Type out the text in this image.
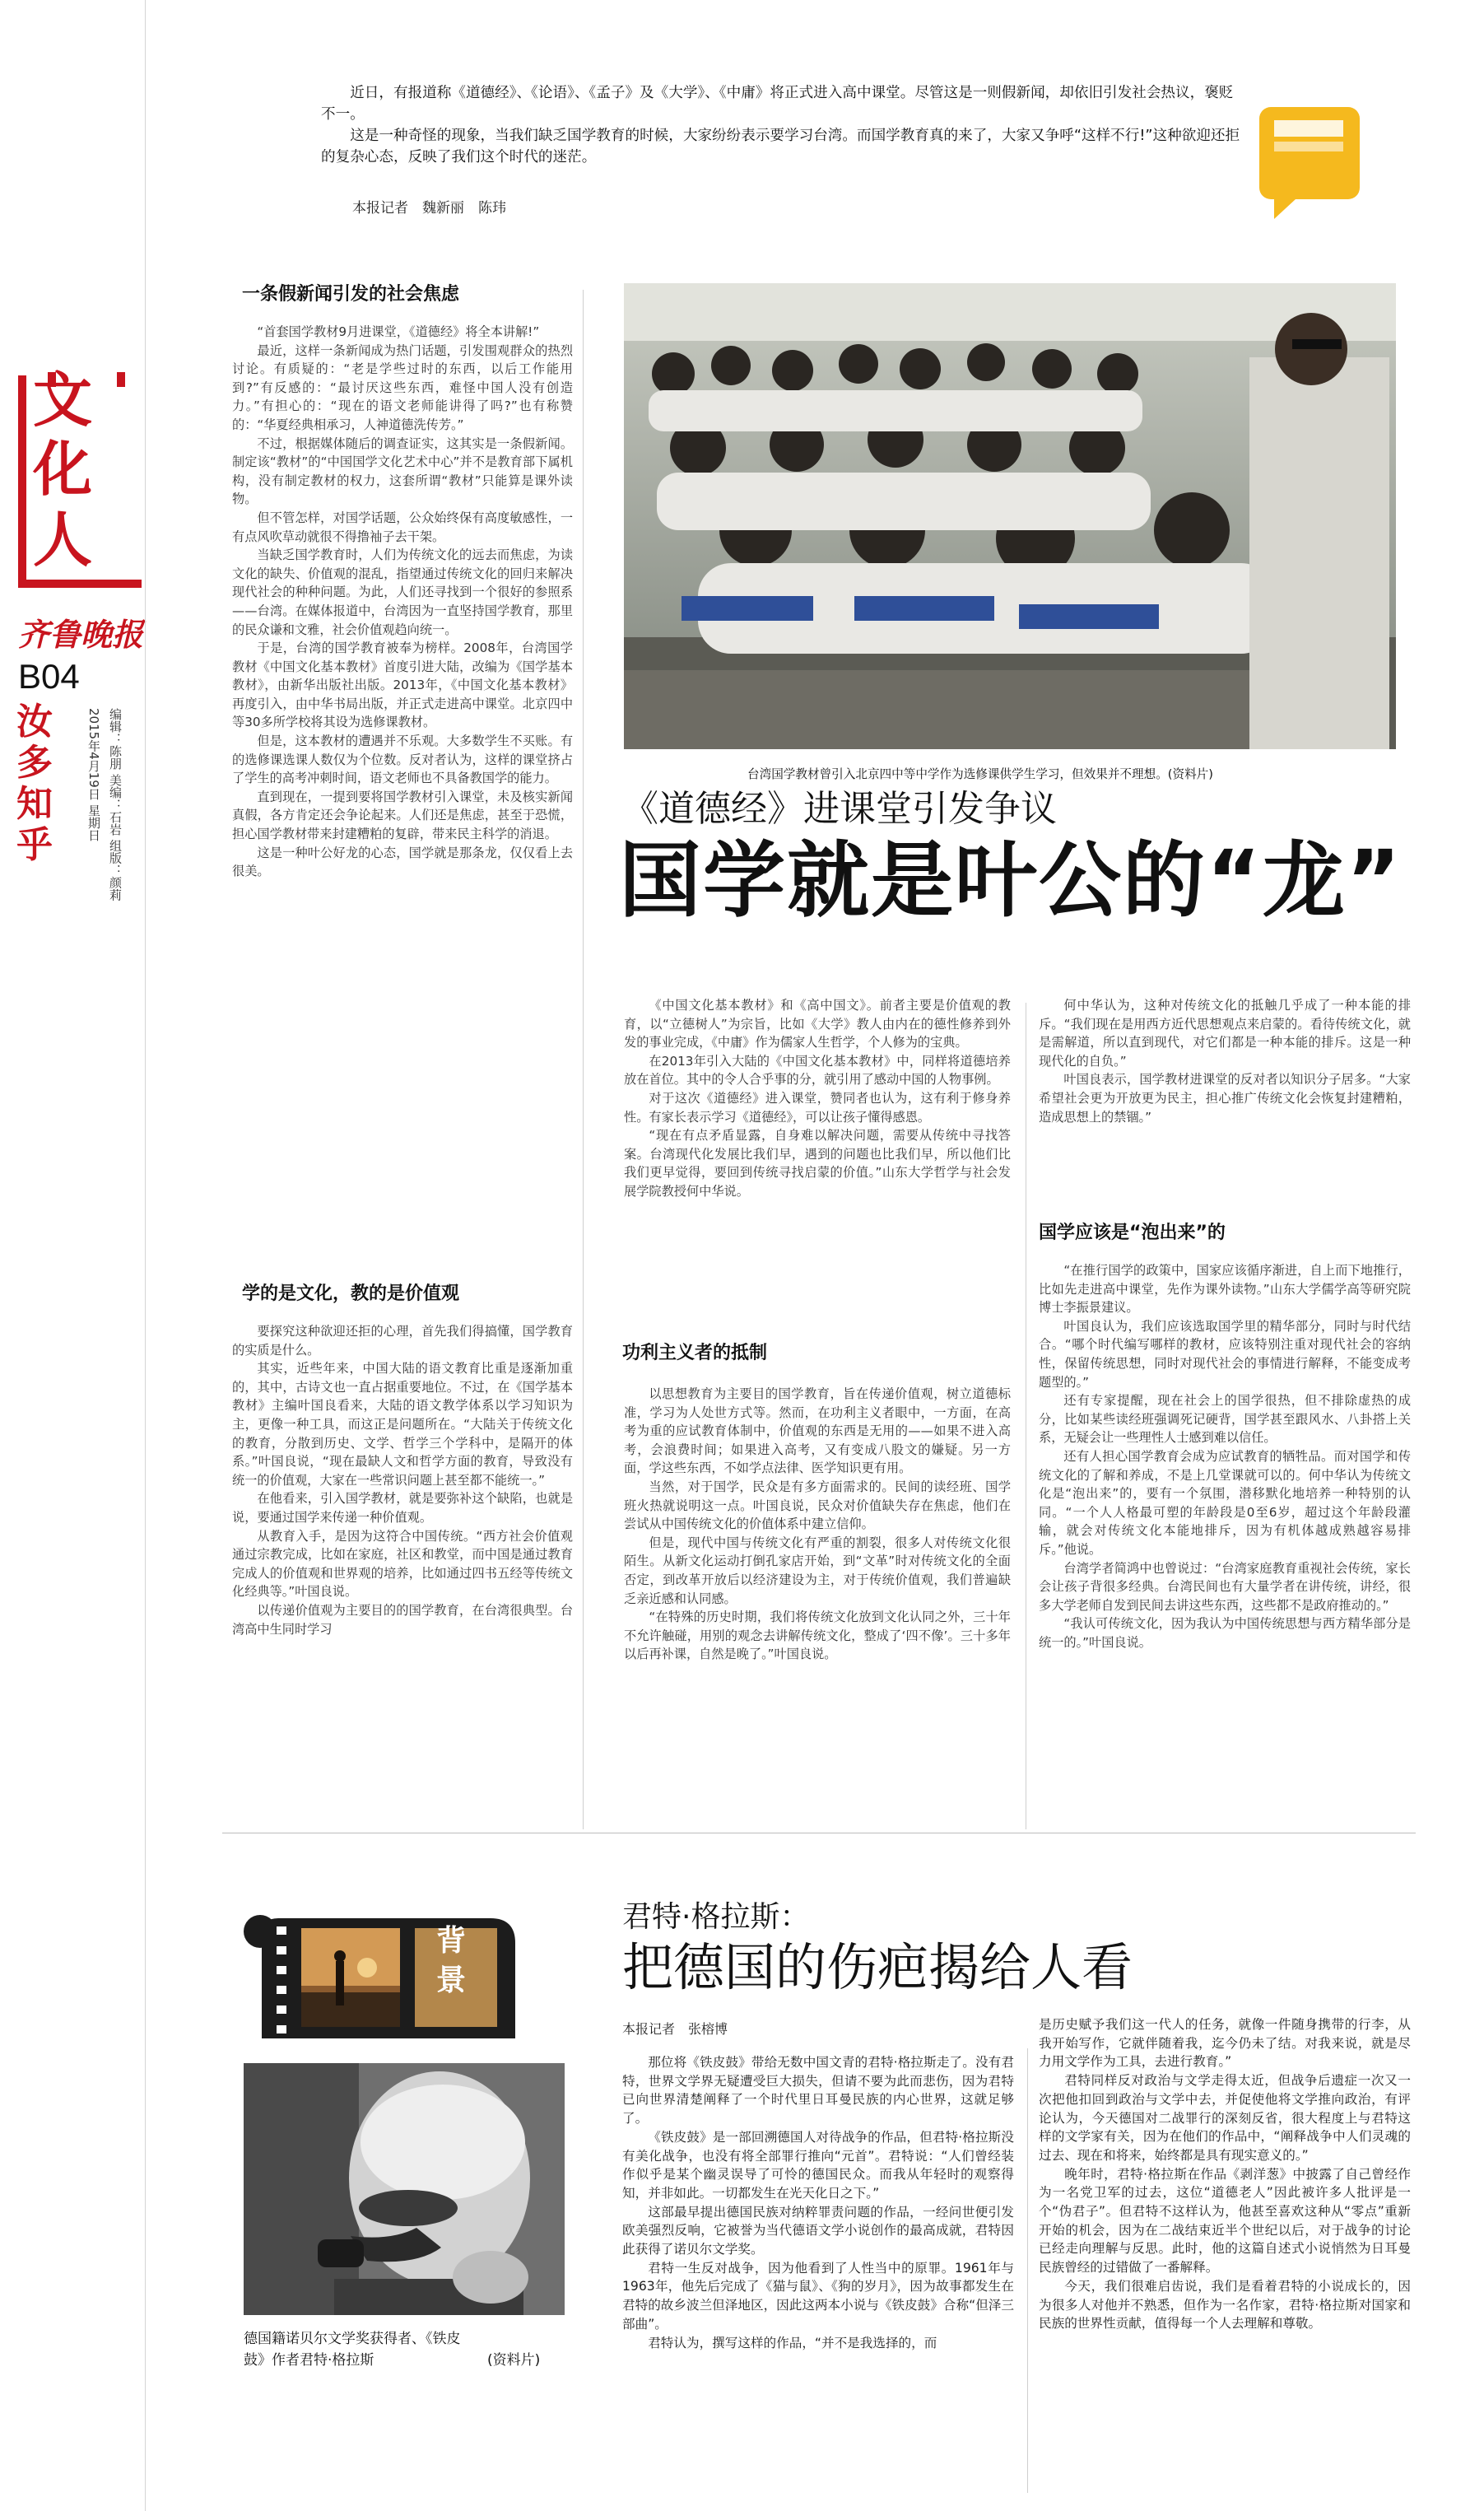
文
化
人
齐鲁晚报
B04
汝多知乎
2015年4月19日 星期日 编辑：陈朋 美编：石岩 组版：颜莉

近日，有报道称《道德经》、《论语》、《孟子》及《大学》、《中庸》将正式进入高中课堂。尽管这是一则假新闻，却依旧引发社会热议，褒贬不一。

这是一种奇怪的现象，当我们缺乏国学教育的时候，大家纷纷表示要学习台湾。而国学教育真的来了，大家又争呼“这样不行!”这种欲迎还拒的复杂心态，反映了我们这个时代的迷茫。

本报记者　魏新丽　陈玮
一条假新闻引发的社会焦虑

“首套国学教材9月进课堂，《道德经》将全本讲解!”

最近，这样一条新闻成为热门话题，引发围观群众的热烈讨论。有质疑的：“老是学些过时的东西，以后工作能用到?”有反感的：“最讨厌这些东西，难怪中国人没有创造力。”有担心的：“现在的语文老师能讲得了吗?”也有称赞的：“华夏经典相承习，人神道德洗传芳。”

不过，根据媒体随后的调查证实，这其实是一条假新闻。制定该“教材”的“中国国学文化艺术中心”并不是教育部下属机构，没有制定教材的权力，这套所谓“教材”只能算是课外读物。

但不管怎样，对国学话题，公众始终保有高度敏感性，一有点风吹草动就很不得撸袖子去干架。

当缺乏国学教育时，人们为传统文化的远去而焦虑，为读文化的缺失、价值观的混乱，指望通过传统文化的回归来解决现代社会的种种问题。为此，人们还寻找到一个很好的参照系——台湾。在媒体报道中，台湾因为一直坚持国学教育，那里的民众谦和文雅，社会价值观趋向统一。

于是，台湾的国学教育被奉为榜样。2008年，台湾国学教材《中国文化基本教材》首度引进大陆，改编为《国学基本教材》，由新华出版社出版。2013年，《中国文化基本教材》再度引入，由中华书局出版，并正式走进高中课堂。北京四中等30多所学校将其设为选修课教材。

但是，这本教材的遭遇并不乐观。大多数学生不买账。有的选修课选课人数仅为个位数。反对者认为，这样的课堂挤占了学生的高考冲刺时间，语文老师也不具备教国学的能力。

直到现在，一提到要将国学教材引入课堂，未及核实新闻真假，各方肯定还会争论起来。人们还是焦虑，甚至于恐慌，担心国学教材带来封建糟粕的复辟，带来民主科学的消退。

这是一种叶公好龙的心态，国学就是那条龙，仅仅看上去很美。

学的是文化，教的是价值观

要探究这种欲迎还拒的心理，首先我们得搞懂，国学教育的实质是什么。

其实，近些年来，中国大陆的语文教育比重是逐渐加重的，其中，古诗文也一直占据重要地位。不过，在《国学基本教材》主编叶国良看来，大陆的语文教学体系以学习知识为主，更像一种工具，而这正是问题所在。“大陆关于传统文化的教育，分散到历史、文学、哲学三个学科中，是隔开的体系。”叶国良说，“现在最缺人文和哲学方面的教育，导致没有统一的价值观，大家在一些常识问题上甚至都不能统一。”

在他看来，引入国学教材，就是要弥补这个缺陷，也就是说，要通过国学来传递一种价值观。

从教育入手，是因为这符合中国传统。“西方社会价值观通过宗教完成，比如在家庭，社区和教堂，而中国是通过教育完成人的价值观和世界观的培养，比如通过四书五经等传统文化经典等。”叶国良说。

以传递价值观为主要目的的国学教育，在台湾很典型。台湾高中生同时学习

台湾国学教材曾引入北京四中等中学作为选修课供学生学习，但效果并不理想。(资料片)
《道德经》进课堂引发争议
国学就是叶公的“龙”

《中国文化基本教材》和《高中国文》。前者主要是价值观的教育，以“立德树人”为宗旨，比如《大学》教人由内在的德性修养到外发的事业完成，《中庸》作为儒家人生哲学，个人修为的宝典。

在2013年引入大陆的《中国文化基本教材》中，同样将道德培养放在首位。其中的令人合乎事的分，就引用了感动中国的人物事例。

对于这次《道德经》进入课堂，赞同者也认为，这有利于修身养性。有家长表示学习《道德经》，可以让孩子懂得感恩。

“现在有点矛盾显露，自身难以解决问题，需要从传统中寻找答案。台湾现代化发展比我们早，遇到的问题也比我们早，所以他们比我们更早觉得，要回到传统寻找启蒙的价值。”山东大学哲学与社会发展学院教授何中华说。

功利主义者的抵制

以思想教育为主要目的国学教育，旨在传递价值观，树立道德标准，学习为人处世方式等。然而，在功利主义者眼中，一方面，在高考为重的应试教育体制中，价值观的东西是无用的——如果不进入高考，会浪费时间；如果进入高考，又有变成八股文的嫌疑。另一方面，学这些东西，不如学点法律、医学知识更有用。

当然，对于国学，民众是有多方面需求的。民间的读经班、国学班火热就说明这一点。叶国良说，民众对价值缺失存在焦虑，他们在尝试从中国传统文化的价值体系中建立信仰。

但是，现代中国与传统文化有严重的割裂，很多人对传统文化很陌生。从新文化运动打倒孔家店开始，到“文革”时对传统文化的全面否定，到改革开放后以经济建设为主，对于传统价值观，我们普遍缺乏亲近感和认同感。

“在特殊的历史时期，我们将传统文化放到文化认同之外，三十年不允许触碰，用别的观念去讲解传统文化，整成了‘四不像’。三十多年以后再补课，自然是晚了。”叶国良说。

何中华认为，这种对传统文化的抵触几乎成了一种本能的排斥。“我们现在是用西方近代思想观点来启蒙的。看待传统文化，就是需解道，所以直到现代，对它们都是一种本能的排斥。这是一种现代化的自负。”

叶国良表示，国学教材进课堂的反对者以知识分子居多。“大家希望社会更为开放更为民主，担心推广传统文化会恢复封建糟粕，造成思想上的禁锢。”

国学应该是“泡出来”的

“在推行国学的政策中，国家应该循序渐进，自上而下地推行，比如先走进高中课堂，先作为课外读物。”山东大学儒学高等研究院博士李振景建议。

叶国良认为，我们应该选取国学里的精华部分，同时与时代结合。“哪个时代编写哪样的教材，应该特别注重对现代社会的容纳性，保留传统思想，同时对现代社会的事情进行解释，不能变成考题型的。”

还有专家提醒，现在社会上的国学很热，但不排除虚热的成分，比如某些读经班强调死记硬背，国学甚至跟风水、八卦搭上关系，无疑会让一些理性人士感到难以信任。

还有人担心国学教育会成为应试教育的牺牲品。而对国学和传统文化的了解和养成，不是上几堂课就可以的。何中华认为传统文化是“泡出来”的，要有一个氛围，潜移默化地培养一种特别的认同。“一个人人格最可塑的年龄段是0至6岁，超过这个年龄段灌输，就会对传统文化本能地排斥，因为有机体越成熟越容易排斥。”他说。

台湾学者简鸿中也曾说过：“台湾家庭教育重视社会传统，家长会让孩子背很多经典。台湾民间也有大量学者在讲传统，讲经，很多大学老师自发到民间去讲这些东西，这些都不是政府推动的。”

“我认可传统文化，因为我认为中国传统思想与西方精华部分是统一的。”叶国良说。

背景
德国籍诺贝尔文学奖获得者、《铁皮
鼓》作者君特·格拉斯	(资料片)
君特·格拉斯：
把德国的伤疤揭给人看
本报记者　张榕博

那位将《铁皮鼓》带给无数中国文青的君特·格拉斯走了。没有君特，世界文学界无疑遭受巨大损失，但请不要为此而悲伤，因为君特已向世界清楚阐释了一个时代里日耳曼民族的内心世界，这就足够了。

《铁皮鼓》是一部回溯德国人对待战争的作品，但君特·格拉斯没有美化战争，也没有将全部罪行推向“元首”。君特说：“人们曾经装作似乎是某个幽灵误导了可怜的德国民众。而我从年轻时的观察得知，并非如此。一切都发生在光天化日之下。”

这部最早提出德国民族对纳粹罪责问题的作品，一经问世便引发欧美强烈反响，它被誉为当代德语文学小说创作的最高成就，君特因此获得了诺贝尔文学奖。

君特一生反对战争，因为他看到了人性当中的原罪。1961年与1963年，他先后完成了《猫与鼠》、《狗的岁月》，因为故事都发生在君特的故乡波兰但泽地区，因此这两本小说与《铁皮鼓》合称“但泽三部曲”。

君特认为，撰写这样的作品，“并不是我选择的，而

是历史赋予我们这一代人的任务，就像一件随身携带的行李，从我开始写作，它就伴随着我，迄今仍未了结。对我来说，就是尽力用文学作为工具，去进行教育。”

君特同样反对政治与文学走得太近，但战争后遗症一次又一次把他扣回到政治与文学中去，并促使他将文学推向政治，有评论认为，今天德国对二战罪行的深刻反省，很大程度上与君特这样的文学家有关，因为在他们的作品中，“阐释战争中人们灵魂的过去、现在和将来，始终都是具有现实意义的。”

晚年时，君特·格拉斯在作品《剥洋葱》中披露了自己曾经作为一名党卫军的过去，这位“道德老人”因此被许多人批评是一个“伪君子”。但君特不这样认为，他甚至喜欢这种从“零点”重新开始的机会，因为在二战结束近半个世纪以后，对于战争的讨论已经走向理解与反思。此时，他的这篇自述式小说悄然为日耳曼民族曾经的过错做了一番解释。

今天，我们很难启齿说，我们是看着君特的小说成长的，因为很多人对他并不熟悉，但作为一名作家，君特·格拉斯对国家和民族的世界性贡献，值得每一个人去理解和尊敬。
